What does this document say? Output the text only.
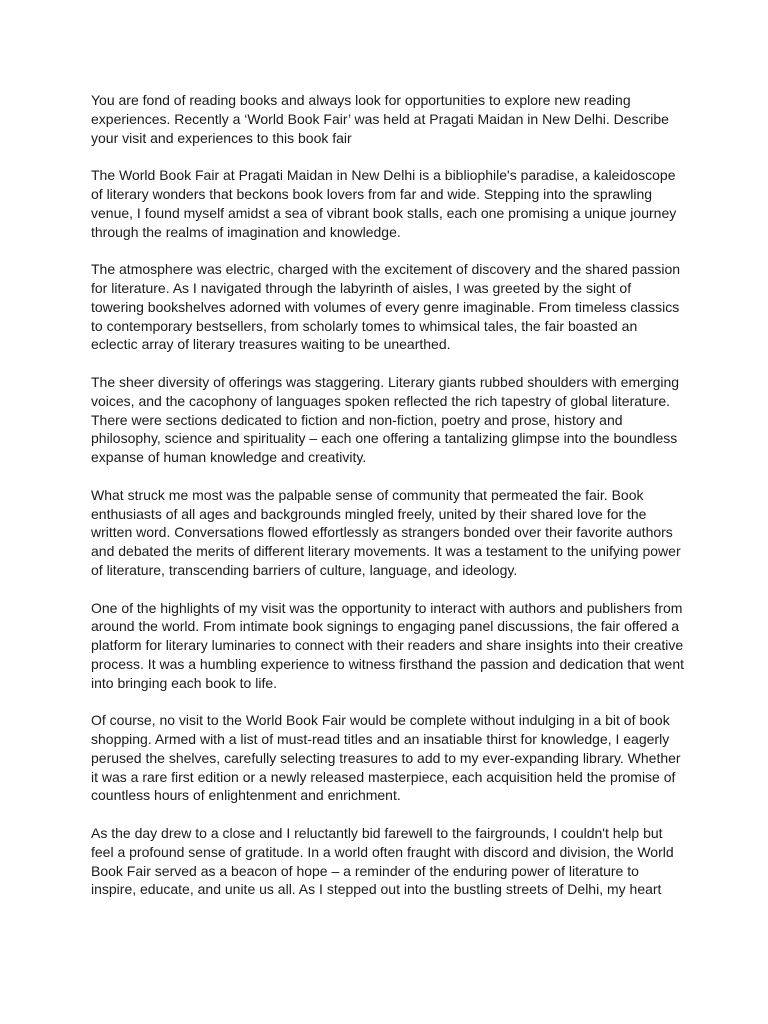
You are fond of reading books and always look for opportunities to explore new reading
experiences. Recently a ‘World Book Fair’ was held at Pragati Maidan in New Delhi. Describe
your visit and experiences to this book fair

The World Book Fair at Pragati Maidan in New Delhi is a bibliophile's paradise, a kaleidoscope
of literary wonders that beckons book lovers from far and wide. Stepping into the sprawling
venue, I found myself amidst a sea of vibrant book stalls, each one promising a unique journey
through the realms of imagination and knowledge.

The atmosphere was electric, charged with the excitement of discovery and the shared passion
for literature. As I navigated through the labyrinth of aisles, I was greeted by the sight of
towering bookshelves adorned with volumes of every genre imaginable. From timeless classics
to contemporary bestsellers, from scholarly tomes to whimsical tales, the fair boasted an
eclectic array of literary treasures waiting to be unearthed.

The sheer diversity of offerings was staggering. Literary giants rubbed shoulders with emerging
voices, and the cacophony of languages spoken reflected the rich tapestry of global literature.
There were sections dedicated to fiction and non-fiction, poetry and prose, history and
philosophy, science and spirituality – each one offering a tantalizing glimpse into the boundless
expanse of human knowledge and creativity.

What struck me most was the palpable sense of community that permeated the fair. Book
enthusiasts of all ages and backgrounds mingled freely, united by their shared love for the
written word. Conversations flowed effortlessly as strangers bonded over their favorite authors
and debated the merits of different literary movements. It was a testament to the unifying power
of literature, transcending barriers of culture, language, and ideology.

One of the highlights of my visit was the opportunity to interact with authors and publishers from
around the world. From intimate book signings to engaging panel discussions, the fair offered a
platform for literary luminaries to connect with their readers and share insights into their creative
process. It was a humbling experience to witness firsthand the passion and dedication that went
into bringing each book to life.

Of course, no visit to the World Book Fair would be complete without indulging in a bit of book
shopping. Armed with a list of must-read titles and an insatiable thirst for knowledge, I eagerly
perused the shelves, carefully selecting treasures to add to my ever-expanding library. Whether
it was a rare first edition or a newly released masterpiece, each acquisition held the promise of
countless hours of enlightenment and enrichment.

As the day drew to a close and I reluctantly bid farewell to the fairgrounds, I couldn't help but
feel a profound sense of gratitude. In a world often fraught with discord and division, the World
Book Fair served as a beacon of hope – a reminder of the enduring power of literature to
inspire, educate, and unite us all. As I stepped out into the bustling streets of Delhi, my heart
